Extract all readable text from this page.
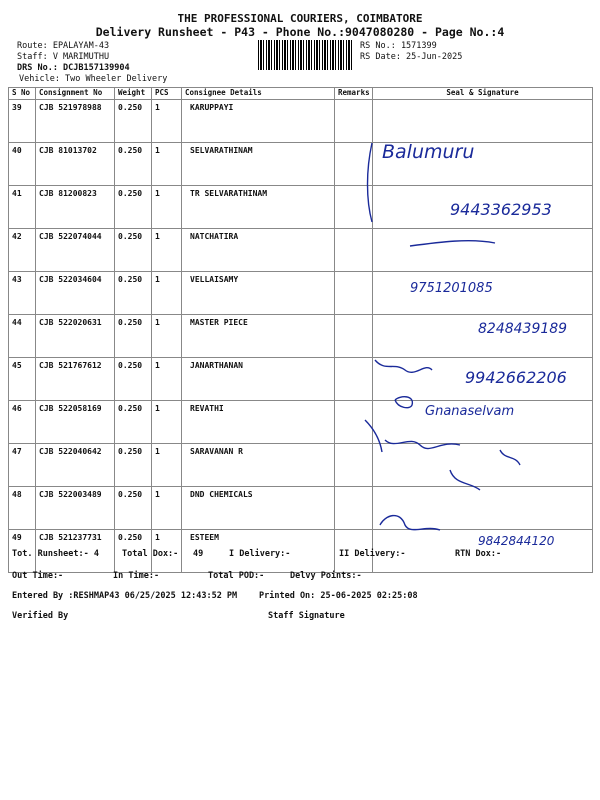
THE PROFESSIONAL COURIERS, COIMBATORE
Delivery Runsheet - P43 - Phone No.:9047080280 - Page No.:4
Route: EPALAYAM-43
Staff: V MARIMUTHU
DRS No.: DCJB157139904
Vehicle: Two Wheeler Delivery
RS No.: 1571399
RS Date: 25-Jun-2025
S No	Consignment No	Weight	PCS	Consignee Details	Remarks	Seal & Signature
39	CJB 521978988	0.250	1	KARUPPAYI		
40	CJB 81013702	0.250	1	SELVARATHINAM		
41	CJB 81200823	0.250	1	TR SELVARATHINAM		
42	CJB 522074044	0.250	1	NATCHATIRA		
43	CJB 522034604	0.250	1	VELLAISAMY		
44	CJB 522020631	0.250	1	MASTER PIECE		
45	CJB 521767612	0.250	1	JANARTHANAN		
46	CJB 522058169	0.250	1	REVATHI		
47	CJB 522040642	0.250	1	SARAVANAN R		
48	CJB 522003489	0.250	1	DND CHEMICALS		
49	CJB 521237731	0.250	1	ESTEEM		
Balumuru
9443362953
9751201085
8248439189
9942662206
Gnanaselvam
9842844120
Tot. Runsheet:- 4	Total Dox:- 49	I Delivery:-	II Delivery:-	RTN Dox:-
Out Time:-	In Time:-	Total POD:-	Delvy Points:-
Entered By :RESHMAP43 06/25/2025 12:43:52 PM	Printed On: 25-06-2025 02:25:08
Verified By	Staff Signature
